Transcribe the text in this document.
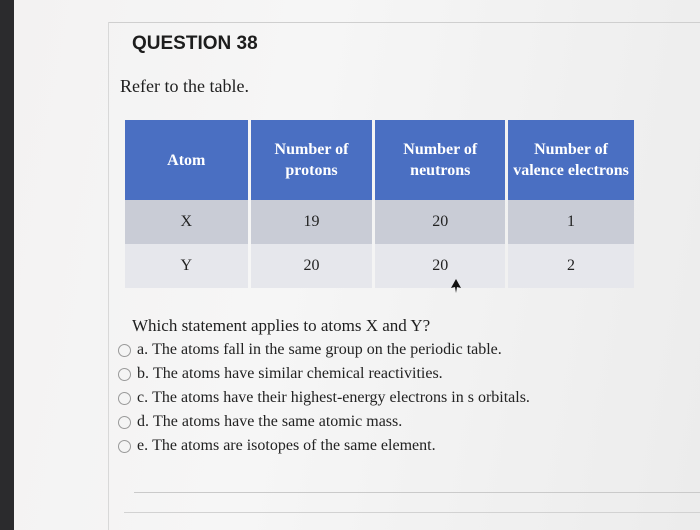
QUESTION 38
Refer to the table.
Atom	Number of protons	Number of neutrons	Number of valence electrons
X	19	20	1
Y	20	20	2
Which statement applies to atoms X and Y?
a.
The atoms fall in the same group on the periodic table.
b.
The atoms have similar chemical reactivities.
c.
The atoms have their highest-energy electrons in s orbitals.
d.
The atoms have the same atomic mass.
e.
The atoms are isotopes of the same element.
